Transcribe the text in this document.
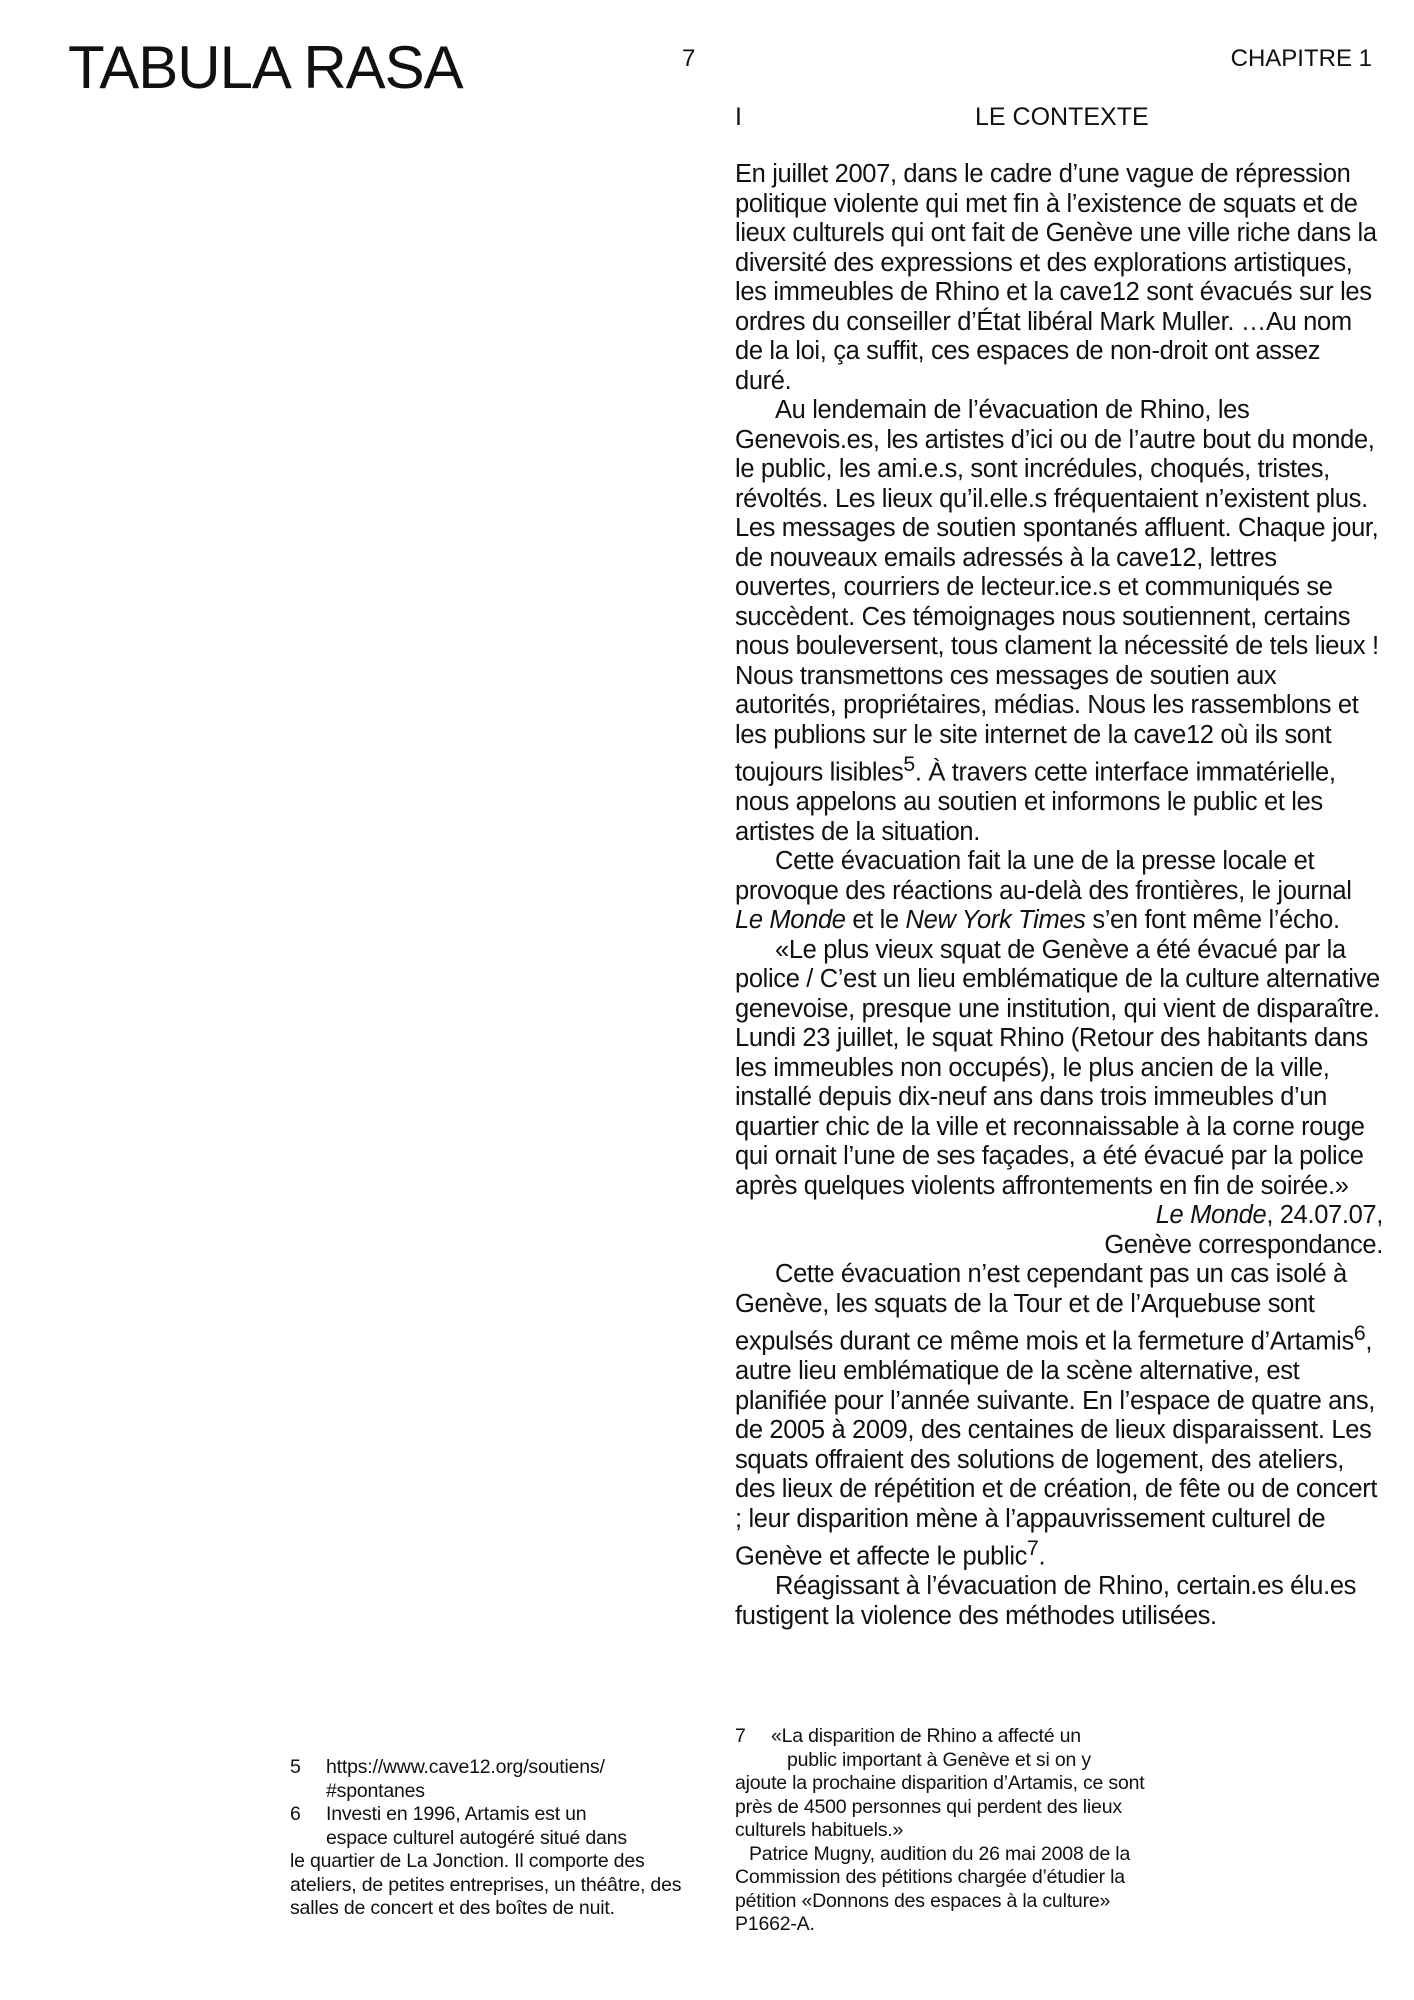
TABULA RASA	7	CHAPITRE 1
I	LE CONTEXTE

En juillet 2007, dans le cadre d’une vague de répression politique violente qui met fin à l’existence de squats et de lieux culturels qui ont fait de Genève une ville riche dans la diversité des expressions et des explorations artistiques, les immeubles de Rhino et la cave12 sont évacués sur les ordres du conseiller d’État libéral Mark Muller. …Au nom de la loi, ça suffit, ces espaces de non-droit ont assez duré.

Au lendemain de l’évacuation de Rhino, les Genevois.es, les artistes d’ici ou de l’autre bout du monde, le public, les ami.e.s, sont incrédules, choqués, tristes, révoltés. Les lieux qu’il.elle.s fréquentaient n’existent plus. Les messages de soutien spontanés affluent. Chaque jour, de nouveaux emails adressés à la cave12, lettres ouvertes, courriers de lecteur.ice.s et communiqués se succèdent. Ces témoignages nous soutiennent, certains nous bouleversent, tous clament la nécessité de tels lieux !

Nous transmettons ces messages de soutien aux autorités, propriétaires, médias. Nous les rassemblons et les publions sur le site internet de la cave12 où ils sont toujours lisibles$^5$. À travers cette interface immatérielle, nous appelons au soutien et informons le public et les artistes de la situation.

Cette évacuation fait la une de la presse locale et provoque des réactions au-delà des frontières, le journal Le Monde et le New York Times s’en font même l’écho.

«Le plus vieux squat de Genève a été évacué par la police / C’est un lieu emblématique de la culture alternative genevoise, presque une institution, qui vient de disparaître. Lundi 23 juillet, le squat Rhino (Retour des habitants dans les immeubles non occupés), le plus ancien de la ville, installé depuis dix-neuf ans dans trois immeubles d’un quartier chic de la ville et reconnaissable à la corne rouge qui ornait l’une de ses façades, a été évacué par la police après quelques violents affrontements en fin de soirée.»

Le Monde, 24.07.07,
Genève correspondance.

Cette évacuation n’est cependant pas un cas isolé à Genève, les squats de la Tour et de l’Arquebuse sont expulsés durant ce même mois et la fermeture d’Artamis$^6$, autre lieu emblématique de la scène alternative, est planifiée pour l’année suivante. En l’espace de quatre ans, de 2005 à 2009, des centaines de lieux disparaissent. Les squats offraient des solutions de logement, des ateliers, des lieux de répétition et de création, de fête ou de concert ; leur disparition mène à l’appauvrissement culturel de Genève et affecte le public$^7$.

Réagissant à l’évacuation de Rhino, certain.es élu.es fustigent la violence des méthodes utilisées.

5 https://www.cave12.org/soutiens/

#spontanes

6 Investi en 1996, Artamis est un

espace culturel autogéré situé dans

le quartier de La Jonction. Il comporte des ateliers, de petites entreprises, un théâtre, des salles de concert et des boîtes de nuit.

7 «La disparition de Rhino a affecté un

public important à Genève et si on y

ajoute la prochaine disparition d’Artamis, ce sont près de 4500 personnes qui perdent des lieux culturels habituels.»

Patrice Mugny, audition du 26 mai 2008 de la Commission des pétitions chargée d’étudier la pétition «Donnons des espaces à la culture» P1662-A.
